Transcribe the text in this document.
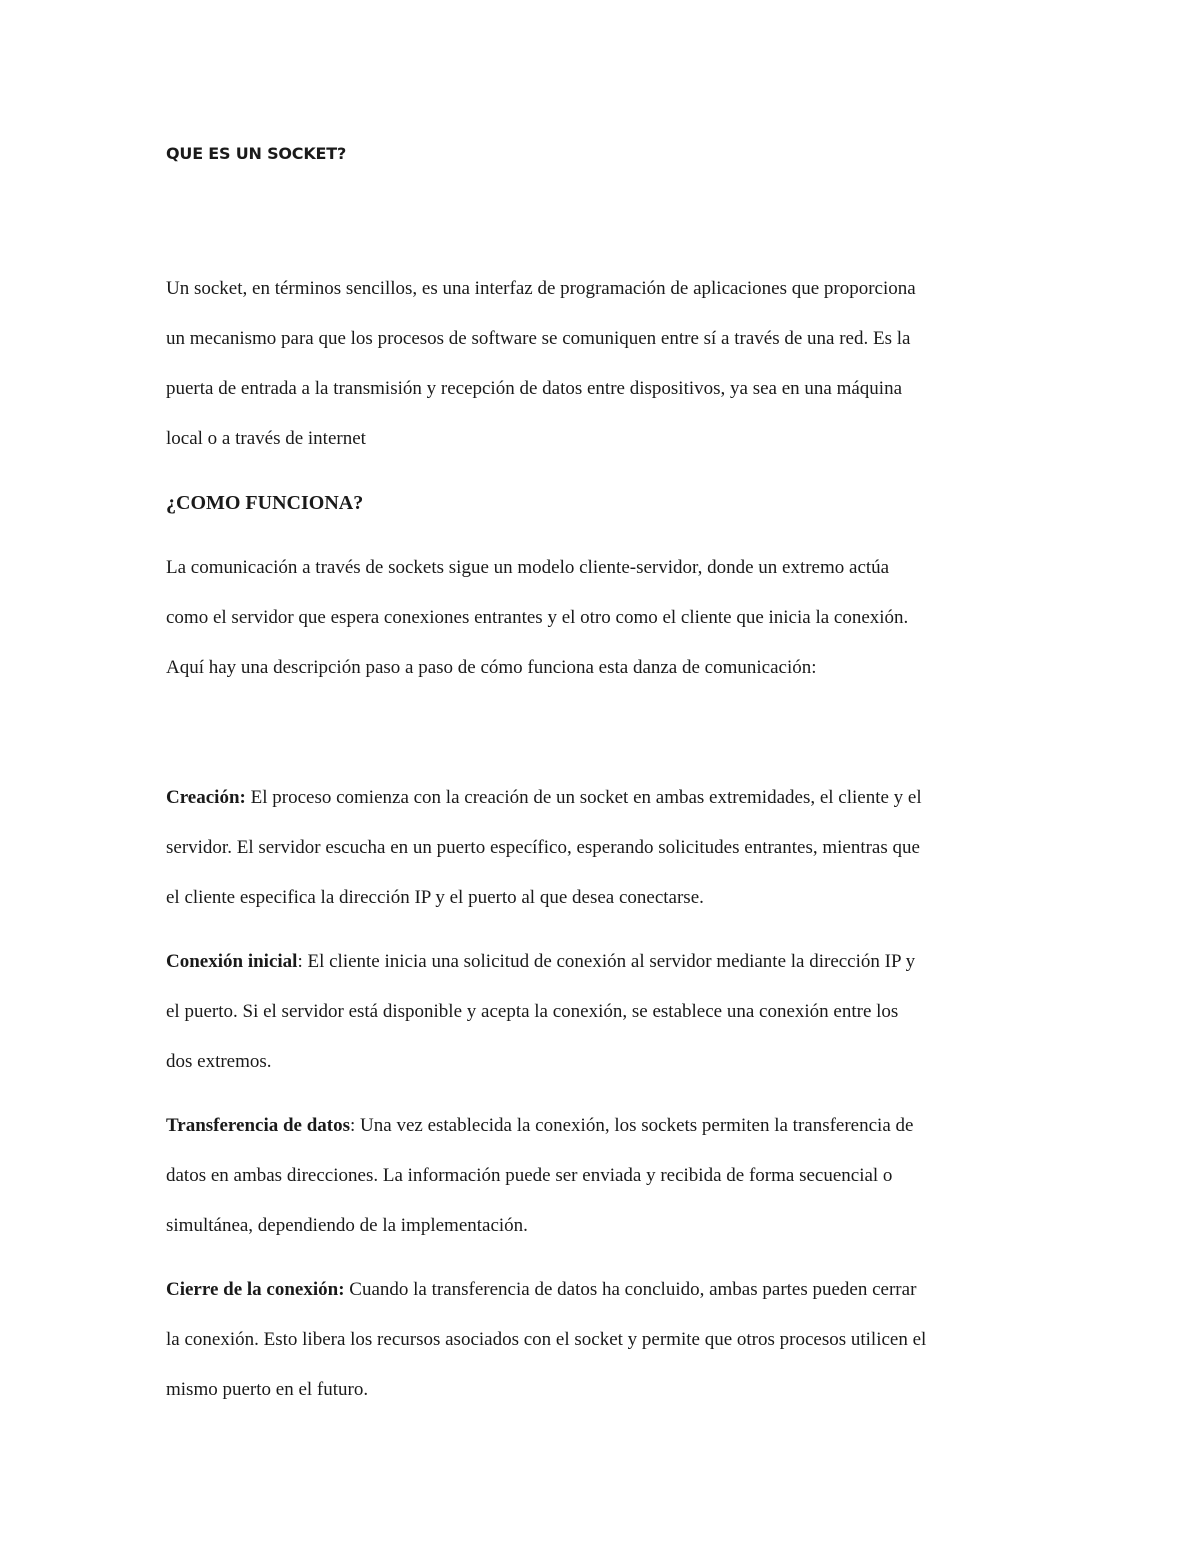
QUE ES UN SOCKET?

Un socket, en términos sencillos, es una interfaz de programación de aplicaciones que proporciona
un mecanismo para que los procesos de software se comuniquen entre sí a través de una red. Es la
puerta de entrada a la transmisión y recepción de datos entre dispositivos, ya sea en una máquina
local o a través de internet

¿COMO FUNCIONA?

La comunicación a través de sockets sigue un modelo cliente-servidor, donde un extremo actúa
como el servidor que espera conexiones entrantes y el otro como el cliente que inicia la conexión.
Aquí hay una descripción paso a paso de cómo funciona esta danza de comunicación:

Creación: El proceso comienza con la creación de un socket en ambas extremidades, el cliente y el
servidor. El servidor escucha en un puerto específico, esperando solicitudes entrantes, mientras que
el cliente especifica la dirección IP y el puerto al que desea conectarse.

Conexión inicial: El cliente inicia una solicitud de conexión al servidor mediante la dirección IP y
el puerto. Si el servidor está disponible y acepta la conexión, se establece una conexión entre los
dos extremos.

Transferencia de datos: Una vez establecida la conexión, los sockets permiten la transferencia de
datos en ambas direcciones. La información puede ser enviada y recibida de forma secuencial o
simultánea, dependiendo de la implementación.

Cierre de la conexión: Cuando la transferencia de datos ha concluido, ambas partes pueden cerrar
la conexión. Esto libera los recursos asociados con el socket y permite que otros procesos utilicen el
mismo puerto en el futuro.
